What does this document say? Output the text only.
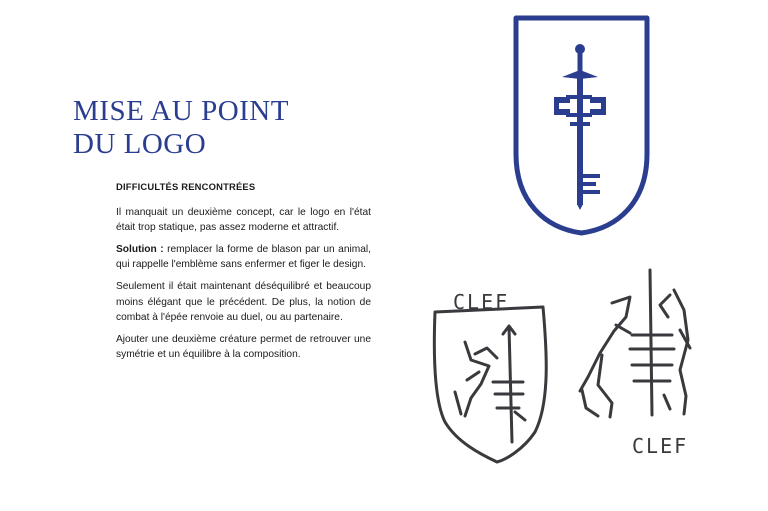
MISE AU POINT
DU LOGO
DIFFICULTÉS RENCONTRÉES

Il manquait un deuxième concept, car le logo en l'état était trop statique, pas assez moderne et attractif.

Solution : remplacer la forme de blason par un animal, qui rappelle l'emblème sans enfermer et figer le design.

Seulement il était maintenant déséquilibré et beaucoup moins élégant que le précédent. De plus, la notion de combat à l'épée renvoie au duel, ou au partenaire.

Ajouter une deuxième créature permet de retrouver une symétrie et un équilibre à la composition.

CLEF
CLEF
